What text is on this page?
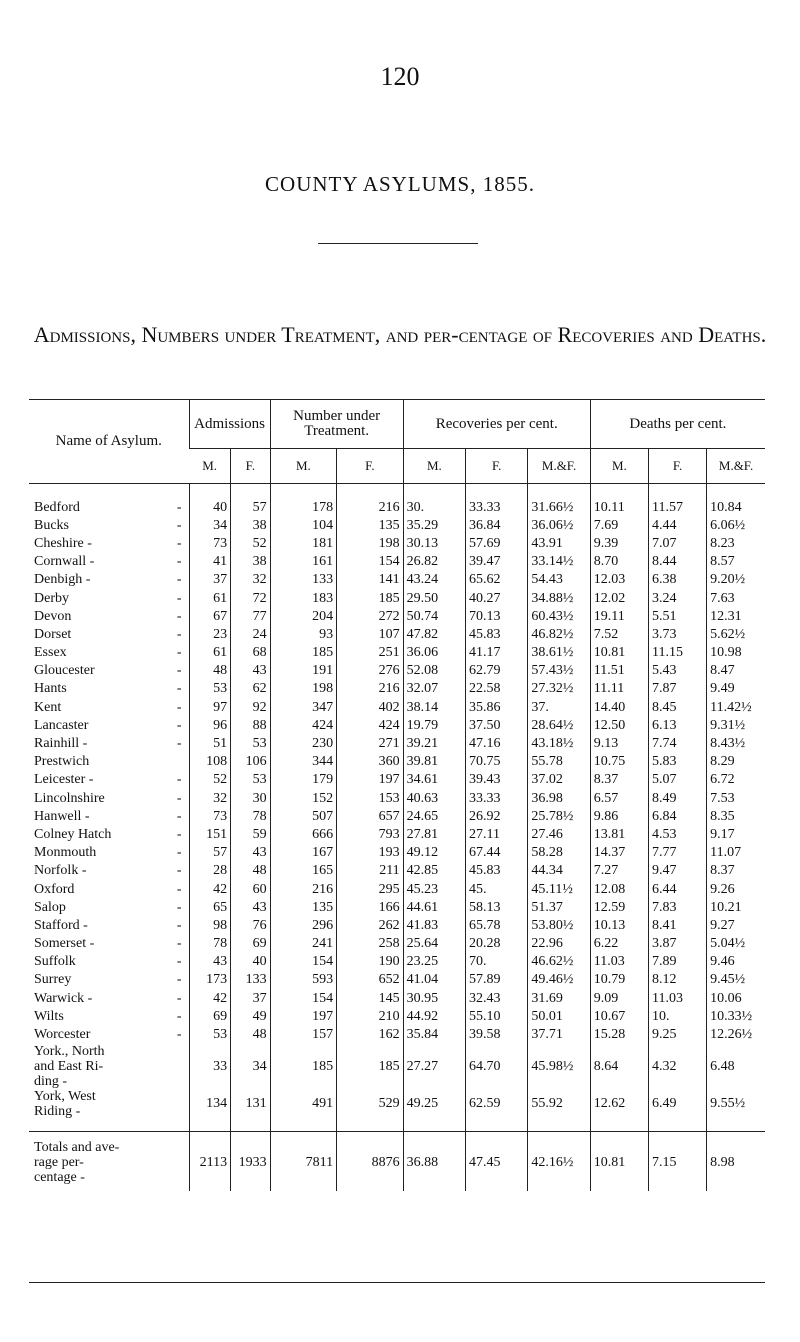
120
COUNTY ASYLUMS, 1855.
Admissions, Numbers under Treatment, and per-centage of Recoveries and Deaths.
Name of Asylum.	Admissions		Number under Treatment.		Recoveries per cent.			Deaths per cent.		
	M.	F.	M.	F.	M.	F.	M.&F.	M.	F.	M.&F.
Bedford -	40	57	178	216	30.	33.33	31.66½	10.11	11.57	10.84
Bucks -	34	38	104	135	35.29	36.84	36.06½	7.69	4.44	6.06½
Cheshire - -	73	52	181	198	30.13	57.69	43.91	9.39	7.07	8.23
Cornwall - -	41	38	161	154	26.82	39.47	33.14½	8.70	8.44	8.57
Denbigh - -	37	32	133	141	43.24	65.62	54.43	12.03	6.38	9.20½
Derby -	61	72	183	185	29.50	40.27	34.88½	12.02	3.24	7.63
Devon -	67	77	204	272	50.74	70.13	60.43½	19.11	5.51	12.31
Dorset -	23	24	93	107	47.82	45.83	46.82½	7.52	3.73	5.62½
Essex -	61	68	185	251	36.06	41.17	38.61½	10.81	11.15	10.98
Gloucester -	48	43	191	276	52.08	62.79	57.43½	11.51	5.43	8.47
Hants -	53	62	198	216	32.07	22.58	27.32½	11.11	7.87	9.49
Kent -	97	92	347	402	38.14	35.86	37.	14.40	8.45	11.42½
Lancaster -	96	88	424	424	19.79	37.50	28.64½	12.50	6.13	9.31½
Rainhill - -	51	53	230	271	39.21	47.16	43.18½	9.13	7.74	8.43½
Prestwich	108	106	344	360	39.81	70.75	55.78	10.75	5.83	8.29
Leicester - -	52	53	179	197	34.61	39.43	37.02	8.37	5.07	6.72
Lincolnshire -	32	30	152	153	40.63	33.33	36.98	6.57	8.49	7.53
Hanwell - -	73	78	507	657	24.65	26.92	25.78½	9.86	6.84	8.35
Colney Hatch -	151	59	666	793	27.81	27.11	27.46	13.81	4.53	9.17
Monmouth -	57	43	167	193	49.12	67.44	58.28	14.37	7.77	11.07
Norfolk - -	28	48	165	211	42.85	45.83	44.34	7.27	9.47	8.37
Oxford -	42	60	216	295	45.23	45.	45.11½	12.08	6.44	9.26
Salop -	65	43	135	166	44.61	58.13	51.37	12.59	7.83	10.21
Stafford - -	98	76	296	262	41.83	65.78	53.80½	10.13	8.41	9.27
Somerset - -	78	69	241	258	25.64	20.28	22.96	6.22	3.87	5.04½
Suffolk -	43	40	154	190	23.25	70.	46.62½	11.03	7.89	9.46
Surrey -	173	133	593	652	41.04	57.89	49.46½	10.79	8.12	9.45½
Warwick - -	42	37	154	145	30.95	32.43	31.69	9.09	11.03	10.06
Wilts -	69	49	197	210	44.92	55.10	50.01	10.67	10.	10.33½
Worcester -	53	48	157	162	35.84	39.58	37.71	15.28	9.25	12.26½

York., North
and East Ri-
ding -	33	34	185	185	27.27	64.70	45.98½	8.64	4.32	6.48

York, West
Riding -	134	131	491	529	49.25	62.59	55.92	12.62	6.49	9.55½

Totals and ave-
rage per-
centage -	2113	1933	7811	8876	36.88	47.45	42.16½	10.81	7.15	8.98
